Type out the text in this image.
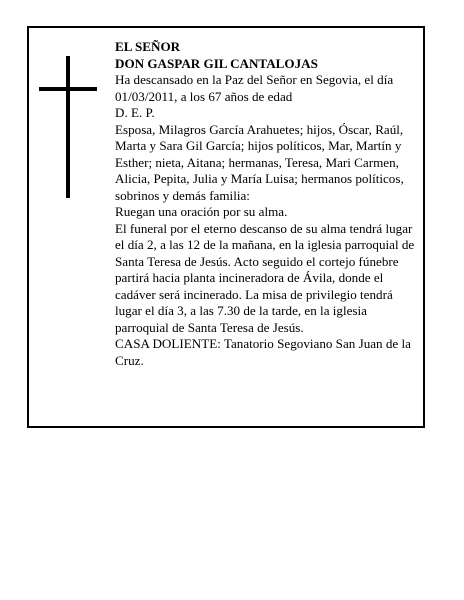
EL SEÑOR

DON GASPAR GIL CANTALOJAS

Ha descansado en la Paz del Señor en Segovia, el día 01/03/2011, a los 67 años de edad

D. E. P.

Esposa, Milagros García Arahuetes; hijos, Óscar, Raúl, Marta y Sara Gil García; hijos políticos, Mar, Martín y Esther; nieta, Aitana; hermanas, Teresa, Mari Carmen, Alicia, Pepita, Julia y María Luisa; hermanos políticos, sobrinos y demás familia:

Ruegan una oración por su alma.

El funeral por el eterno descanso de su alma tendrá lugar el día 2, a las 12 de la mañana, en la iglesia parroquial de Santa Teresa de Jesús. Acto seguido el cortejo fúnebre partirá hacia planta incineradora de Ávila, donde el cadáver será incinerado. La misa de privilegio tendrá lugar el día 3, a las 7.30 de la tarde, en la iglesia parroquial de Santa Teresa de Jesús.

CASA DOLIENTE: Tanatorio Segoviano San Juan de la Cruz.
